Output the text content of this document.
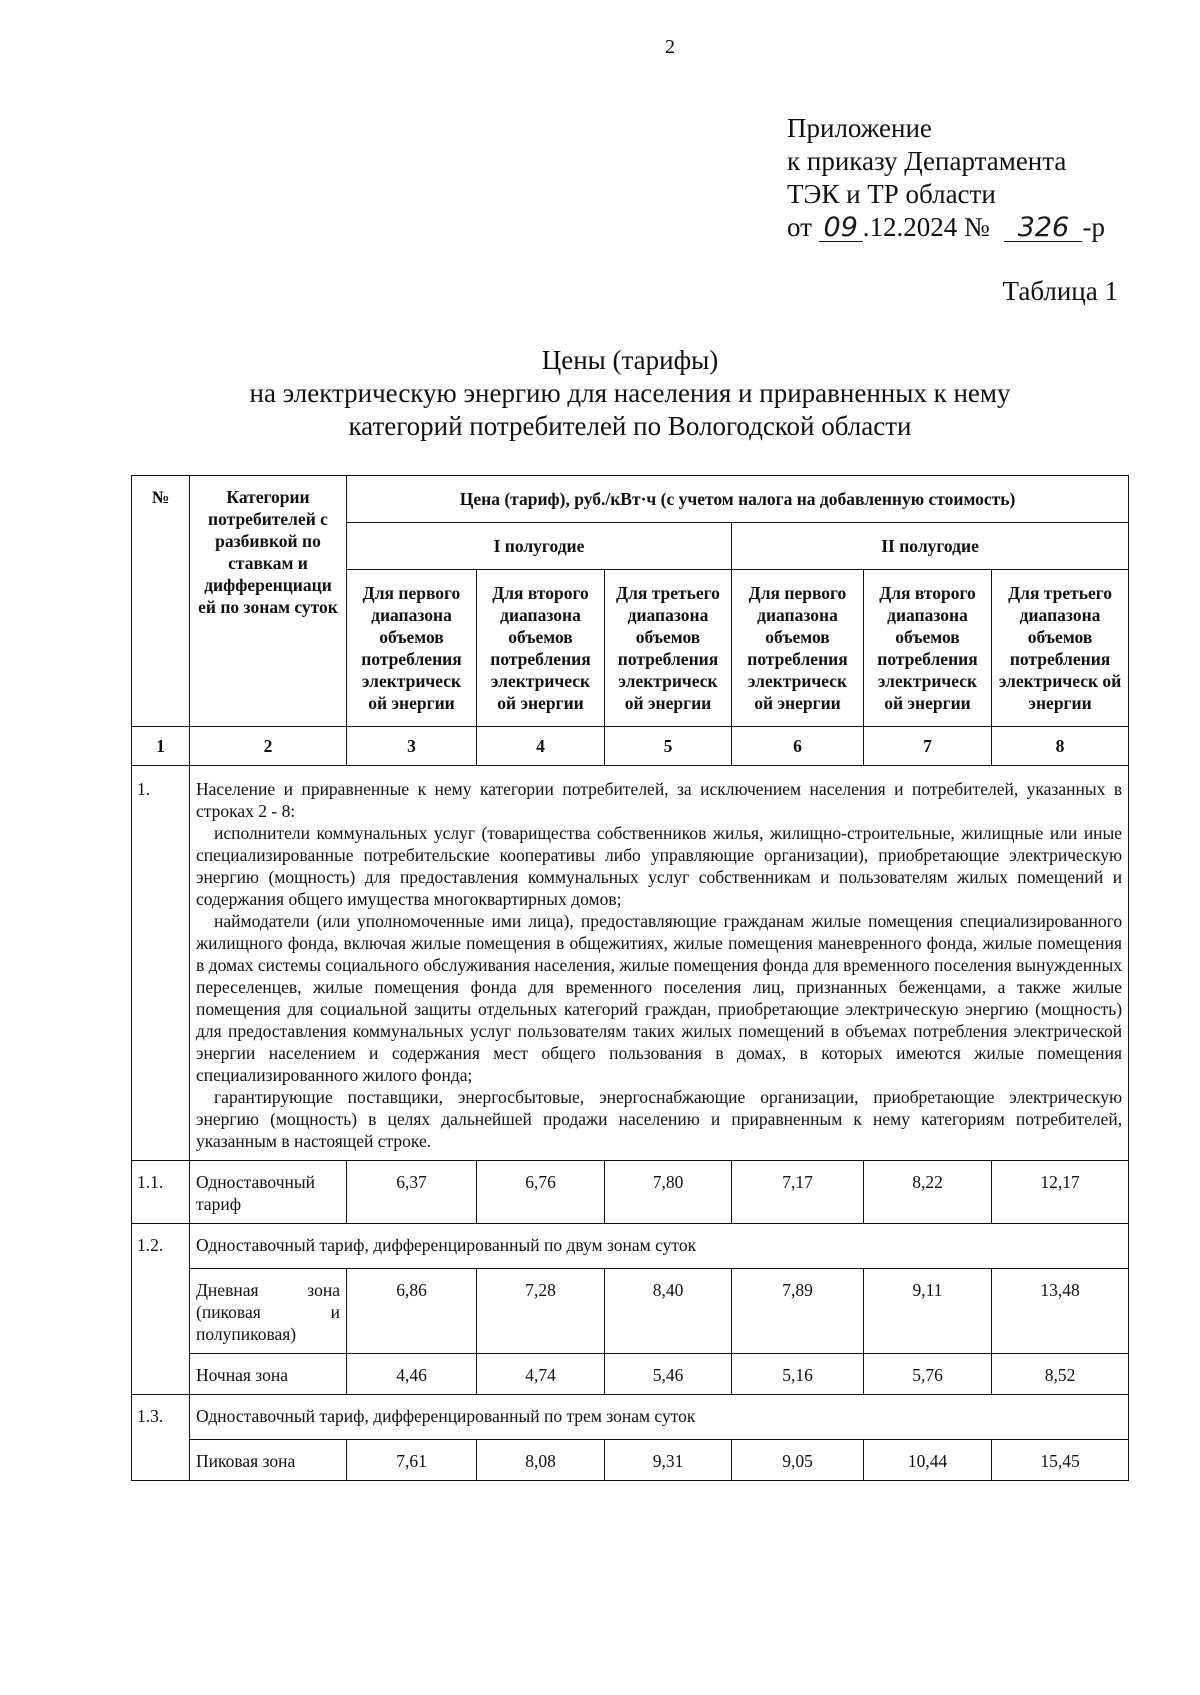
2
Приложение
к приказу Департамента
ТЭК и ТР области
от 09 .12.2024 № 326 -р
Таблица 1
Цены (тарифы)
на электрическую энергию для населения и приравненных к нему
категорий потребителей по Вологодской области
№	Категории потребителей с разбивкой по ставкам и дифференциаци ей по зонам суток	Цена (тариф), руб./кВт·ч (с учетом налога на добавленную стоимость)					
		I полугодие			II полугодие		
		Для первого диапазона объемов потребления электрическ ой энергии	Для второго диапазона объемов потребления электрическ ой энергии	Для третьего диапазона объемов потребления электрическ ой энергии	Для первого диапазона объемов потребления электрическ ой энергии	Для второго диапазона объемов потребления электрическ ой энергии	Для третьего диапазона объемов потребления электрическ ой энергии
1	2	3	4	5	6	7	8
1.	Население и приравненные к нему категории потребителей, за исключением населения и потребителей, указанных в строках 2 - 8:
исполнители коммунальных услуг (товарищества собственников жилья, жилищно-строительные, жилищные или иные специализированные потребительские кооперативы либо управляющие организации), приобретающие электрическую энергию (мощность) для предоставления коммунальных услуг собственникам и пользователям жилых помещений и содержания общего имущества многоквартирных домов;
наймодатели (или уполномоченные ими лица), предоставляющие гражданам жилые помещения специализированного жилищного фонда, включая жилые помещения в общежитиях, жилые помещения маневренного фонда, жилые помещения в домах системы социального обслуживания населения, жилые помещения фонда для временного поселения вынужденных переселенцев, жилые помещения фонда для временного поселения лиц, признанных беженцами, а также жилые помещения для социальной защиты отдельных категорий граждан, приобретающие электрическую энергию (мощность) для предоставления коммунальных услуг пользователям таких жилых помещений в объемах потребления электрической энергии населением и содержания мест общего пользования в домах, в которых имеются жилые помещения специализированного жилого фонда;
гарантирующие поставщики, энергосбытовые, энергоснабжающие организации, приобретающие электрическую энергию (мощность) в целях дальнейшей продажи населению и приравненным к нему категориям потребителей, указанным в настоящей строке.						

1.1.	Одноставочный тариф	6,37	6,76	7,80	7,17	8,22	12,17
1.2.	Одноставочный тариф, дифференцированный по двум зонам суток						
	Дневная зона (пиковая и полупиковая)	6,86	7,28	8,40	7,89	9,11	13,48
	Ночная зона	4,46	4,74	5,46	5,16	5,76	8,52
1.3.	Одноставочный тариф, дифференцированный по трем зонам суток						
	Пиковая зона	7,61	8,08	9,31	9,05	10,44	15,45
